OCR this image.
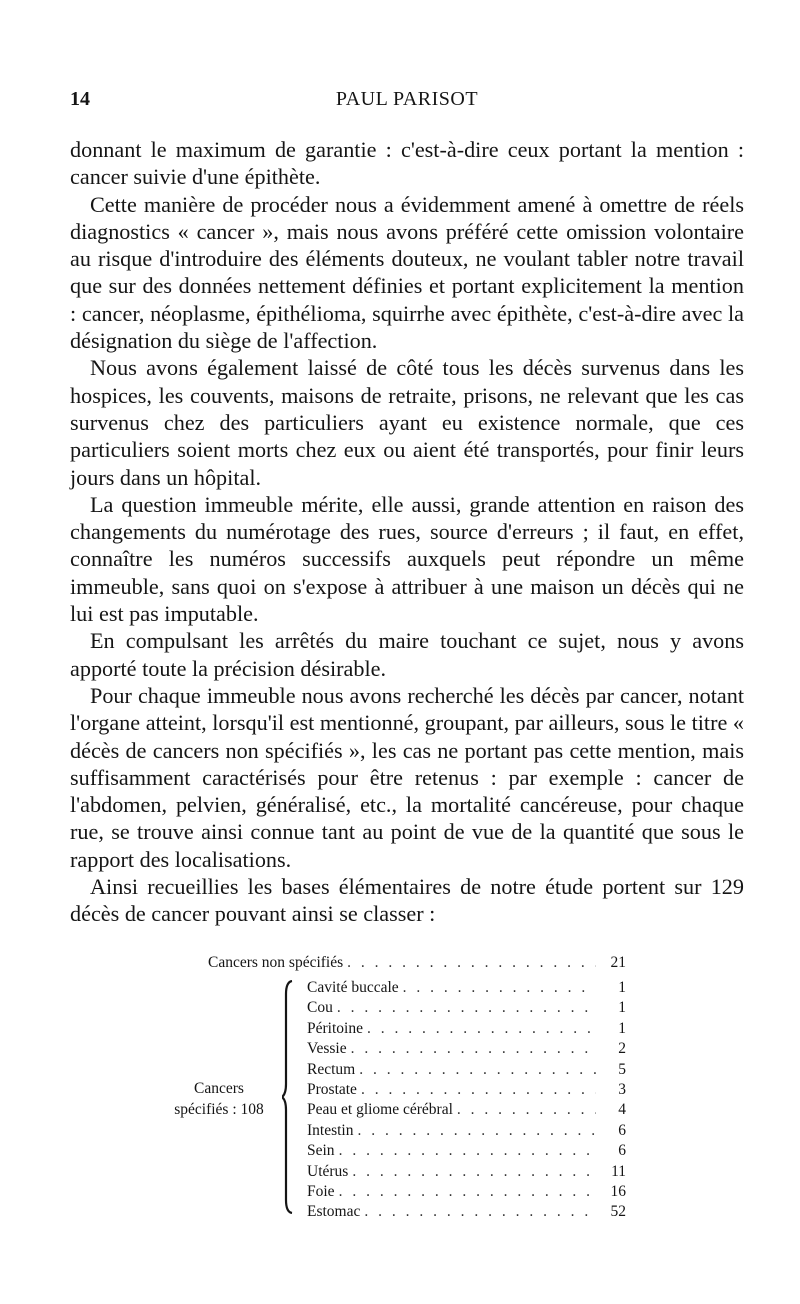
14	PAUL PARISOT

donnant le maximum de garantie : c'est-à-dire ceux portant la mention : cancer suivie d'une épithète.

Cette manière de procéder nous a évidemment amené à omettre de réels diagnostics « cancer », mais nous avons préféré cette omission volontaire au risque d'introduire des éléments douteux, ne voulant tabler notre travail que sur des données nettement définies et portant explicitement la mention : cancer, néoplasme, épithélioma, squirrhe avec épithète, c'est-à-dire avec la désignation du siège de l'affection.

Nous avons également laissé de côté tous les décès survenus dans les hospices, les couvents, maisons de retraite, prisons, ne relevant que les cas survenus chez des particuliers ayant eu existence normale, que ces particuliers soient morts chez eux ou aient été transportés, pour finir leurs jours dans un hôpital.

La question immeuble mérite, elle aussi, grande attention en raison des changements du numérotage des rues, source d'erreurs ; il faut, en effet, connaître les numéros successifs auxquels peut répondre un même immeuble, sans quoi on s'expose à attribuer à une maison un décès qui ne lui est pas imputable.

En compulsant les arrêtés du maire touchant ce sujet, nous y avons apporté toute la précision désirable.

Pour chaque immeuble nous avons recherché les décès par cancer, notant l'organe atteint, lorsqu'il est mentionné, groupant, par ailleurs, sous le titre « décès de cancers non spécifiés », les cas ne portant pas cette mention, mais suffisamment caractérisés pour être retenus : par exemple : cancer de l'abdomen, pelvien, généralisé, etc., la mortalité cancéreuse, pour chaque rue, se trouve ainsi connue tant au point de vue de la quantité que sous le rapport des localisations.

Ainsi recueillies les bases élémentaires de notre étude portent sur 129 décès de cancer pouvant ainsi se classer :

Cancers non spécifiés . . .	21
Cancers
spécifiés : 108
Cavité buccale . . .	1
Cou . . .	1
Péritoine . . .	1
Vessie . . .	2
Rectum . . .	5
Prostate . . .	3
Peau et gliome cérébral . . .	4
Intestin . . .	6
Sein . . .	6
Utérus . . .	11
Foie . . .	16
Estomac . . .	52
